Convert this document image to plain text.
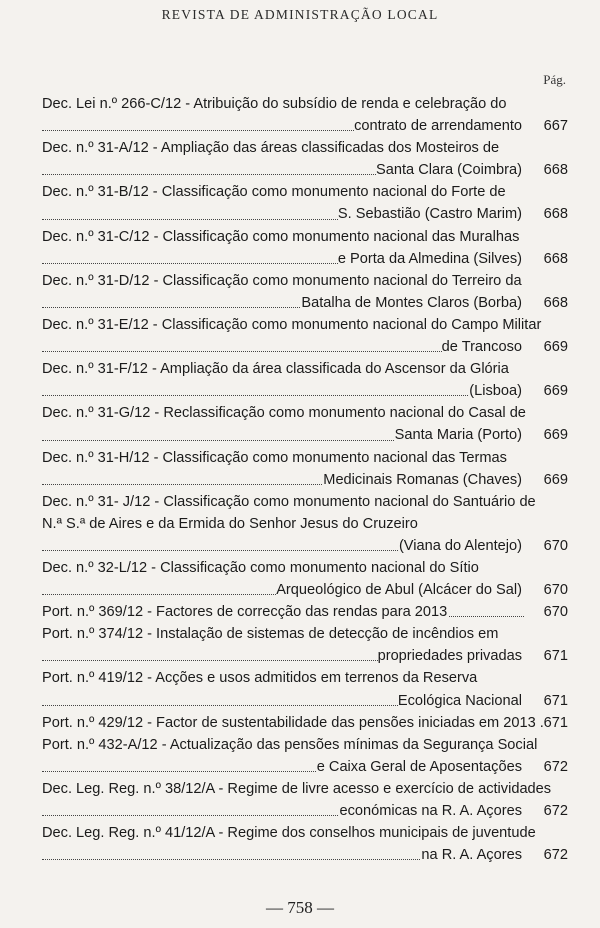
REVISTA DE ADMINISTRAÇÃO LOCAL
Pág.
Dec. Lei n.º 266-C/12 - Atribuição do subsídio de renda e celebração do
contrato de arrendamento	667
Dec. n.º 31-A/12 - Ampliação das áreas classificadas dos Mosteiros de
Santa Clara (Coimbra)	668
Dec. n.º 31-B/12 - Classificação como monumento nacional do Forte de
S. Sebastião (Castro Marim)	668
Dec. n.º 31-C/12 - Classificação como monumento nacional das Muralhas
e Porta da Almedina (Silves)	668
Dec. n.º 31-D/12 - Classificação como monumento nacional do Terreiro da
Batalha de Montes Claros (Borba)	668
Dec. n.º 31-E/12 - Classificação como monumento nacional do Campo Militar
de Trancoso	669
Dec. n.º 31-F/12 - Ampliação da área classificada do Ascensor da Glória
(Lisboa)	669
Dec. n.º 31-G/12 - Reclassificação como monumento nacional do Casal de
Santa Maria (Porto)	669
Dec. n.º 31-H/12 - Classificação como monumento nacional das Termas
Medicinais Romanas (Chaves)	669
Dec. n.º 31- J/12 - Classificação como monumento nacional do Santuário de
N.ª S.ª de Aires e da Ermida do Senhor Jesus do Cruzeiro
(Viana do Alentejo)	670
Dec. n.º 32-L/12 - Classificação como monumento nacional do Sítio
Arqueológico de Abul (Alcácer do Sal)	670
Port. n.º 369/12 - Factores de correcção das rendas para 2013	670
Port. n.º 374/12 - Instalação de sistemas de detecção de incêndios em
propriedades privadas	671
Port. n.º 419/12 - Acções e usos admitidos em terrenos da Reserva
Ecológica Nacional	671
Port. n.º 429/12 - Factor de sustentabilidade das pensões iniciadas em 2013 . 671
Port. n.º 432-A/12 - Actualização das pensões mínimas da Segurança Social
e Caixa Geral de Aposentações	672
Dec. Leg. Reg. n.º 38/12/A - Regime de livre acesso e exercício de actividades
económicas na R. A. Açores	672
Dec. Leg. Reg. n.º 41/12/A - Regime dos conselhos municipais de juventude
na R. A. Açores	672
— 758 —
